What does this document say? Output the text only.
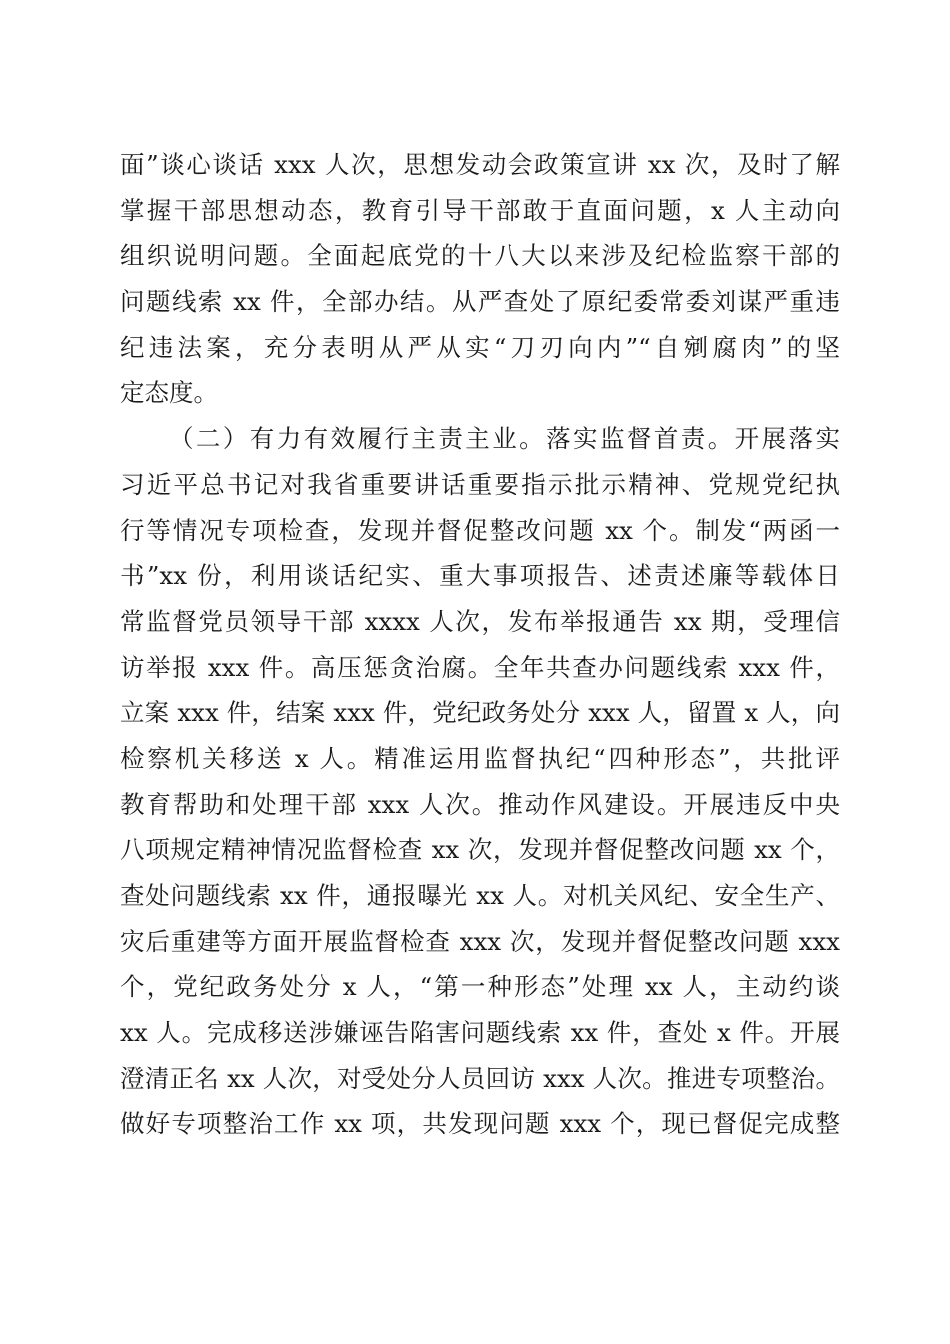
面”谈心谈话 xxx 人次，思想发动会政策宣讲 xx 次，及时了解
掌握干部思想动态，教育引导干部敢于直面问题，x 人主动向
组织说明问题。全面起底党的十八大以来涉及纪检监察干部的
问题线索 xx 件，全部办结。从严查处了原纪委常委刘谋严重违
纪违法案，充分表明从严从实“刀刃向内”“自剜腐肉”的坚
定态度。
（二）有力有效履行主责主业。落实监督首责。开展落实
习近平总书记对我省重要讲话重要指示批示精神、党规党纪执
行等情况专项检查，发现并督促整改问题 xx 个。制发“两函一
书”xx 份，利用谈话纪实、重大事项报告、述责述廉等载体日
常监督党员领导干部 xxxx 人次，发布举报通告 xx 期，受理信
访举报 xxx 件。高压惩贪治腐。全年共查办问题线索 xxx 件，
立案 xxx 件，结案 xxx 件，党纪政务处分 xxx 人，留置 x 人，向
检察机关移送 x 人。精准运用监督执纪“四种形态”，共批评
教育帮助和处理干部 xxx 人次。推动作风建设。开展违反中央
八项规定精神情况监督检查 xx 次，发现并督促整改问题 xx 个，
查处问题线索 xx 件，通报曝光 xx 人。对机关风纪、安全生产、
灾后重建等方面开展监督检查 xxx 次，发现并督促整改问题 xxx
个，党纪政务处分 x 人，“第一种形态”处理 xx 人，主动约谈
xx 人。完成移送涉嫌诬告陷害问题线索 xx 件，查处 x 件。开展
澄清正名 xx 人次，对受处分人员回访 xxx 人次。推进专项整治。
做好专项整治工作 xx 项，共发现问题 xxx 个，现已督促完成整
